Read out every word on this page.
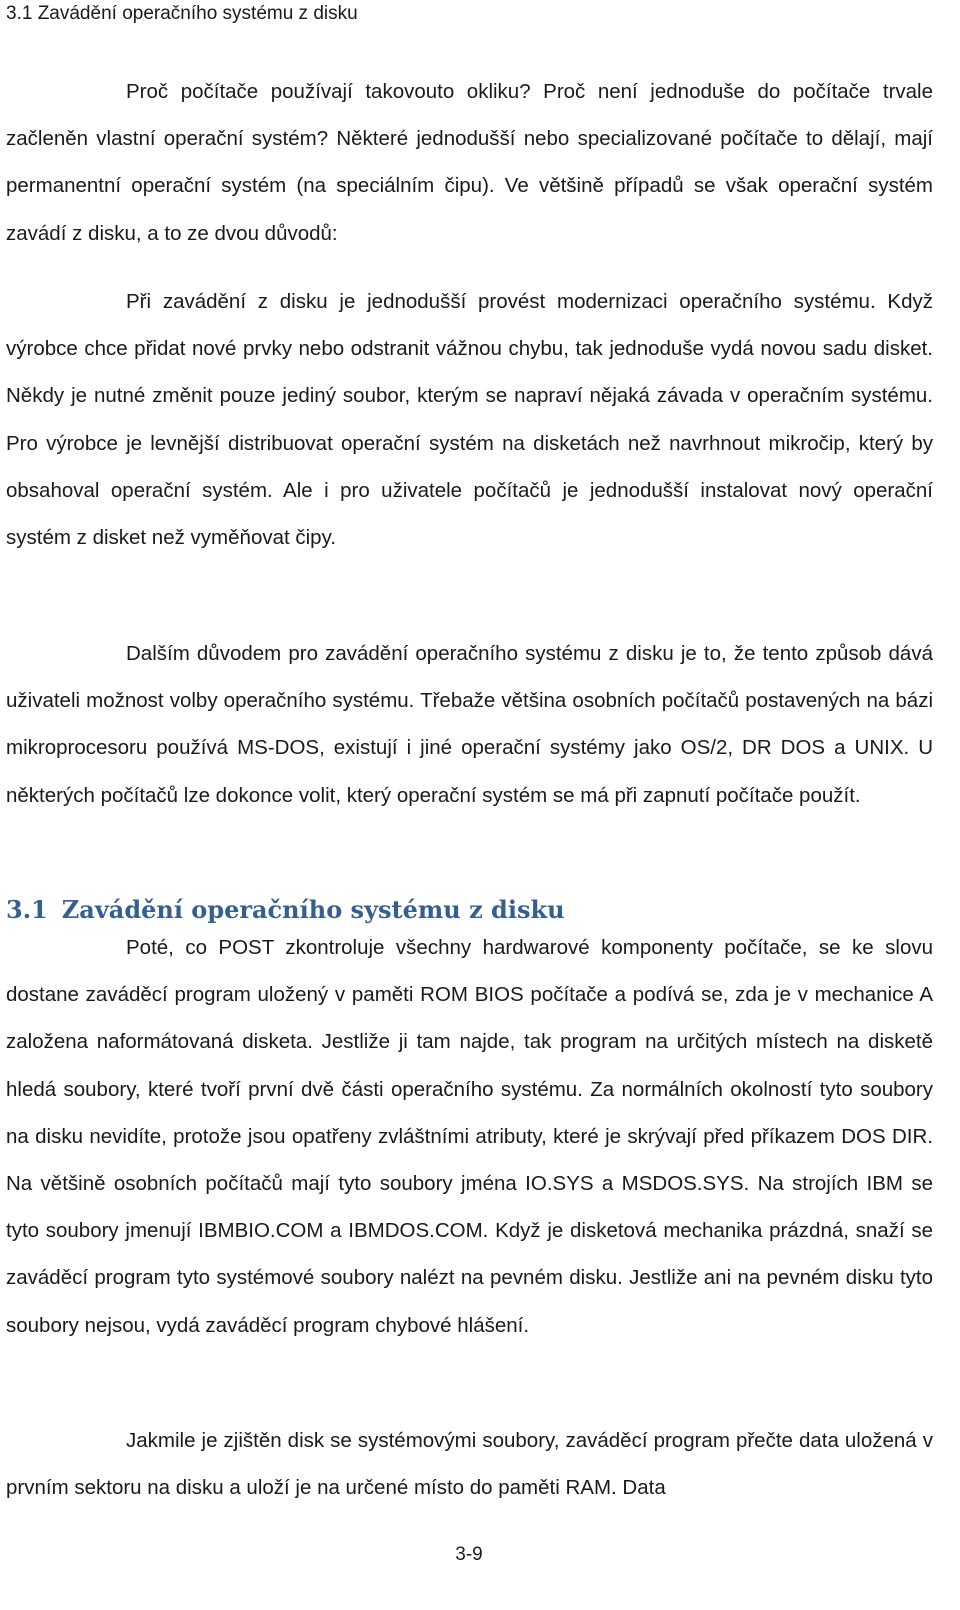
3.1 Zavádění operačního systému z disku

Proč počítače používají takovouto okliku? Proč není jednoduše do počítače trvale začleněn vlastní operační systém? Některé jednodušší nebo specializované počítače to dělají, mají permanentní operační systém (na speciálním čipu). Ve většině případů se však operační systém zavádí z disku, a to ze dvou důvodů:

Při zavádění z disku je jednodušší provést modernizaci operačního systému. Když výrobce chce přidat nové prvky nebo odstranit vážnou chybu, tak jednoduše vydá novou sadu disket. Někdy je nutné změnit pouze jediný soubor, kterým se napraví nějaká závada v operačním systému. Pro výrobce je levnější distribuovat operační systém na disketách než navrhnout mikročip, který by obsahoval operační systém. Ale i pro uživatele počítačů je jednodušší instalovat nový operační systém z disket než vyměňovat čipy.

Dalším důvodem pro zavádění operačního systému z disku je to, že tento způsob dává uživateli možnost volby operačního systému. Třebaže většina osobních počítačů postavených na bázi mikroprocesoru používá MS-DOS, existují i jiné operační systémy jako OS/2, DR DOS a UNIX. U některých počítačů lze dokonce volit, který operační systém se má při zapnutí počítače použít.

3.1 Zavádění operačního systému z disku

Poté, co POST zkontroluje všechny hardwarové komponenty počítače, se ke slovu dostane zaváděcí program uložený v paměti ROM BIOS počítače a podívá se, zda je v mechanice A založena naformátovaná disketa. Jestliže ji tam najde, tak program na určitých místech na disketě hledá soubory, které tvoří první dvě části operačního systému. Za normálních okolností tyto soubory na disku nevidíte, protože jsou opatřeny zvláštními atributy, které je skrývají před příkazem DOS DIR. Na většině osobních počítačů mají tyto soubory jména IO.SYS a MSDOS.SYS. Na strojích IBM se tyto soubory jmenují IBMBIO.COM a IBMDOS.COM. Když je disketová mechanika prázdná, snaží se zaváděcí program tyto systémové soubory nalézt na pevném disku. Jestliže ani na pevném disku tyto soubory nejsou, vydá zaváděcí program chybové hlášení.

Jakmile je zjištěn disk se systémovými soubory, zaváděcí program přečte data uložená v prvním sektoru na disku a uloží je na určené místo do paměti RAM. Data

3-9
